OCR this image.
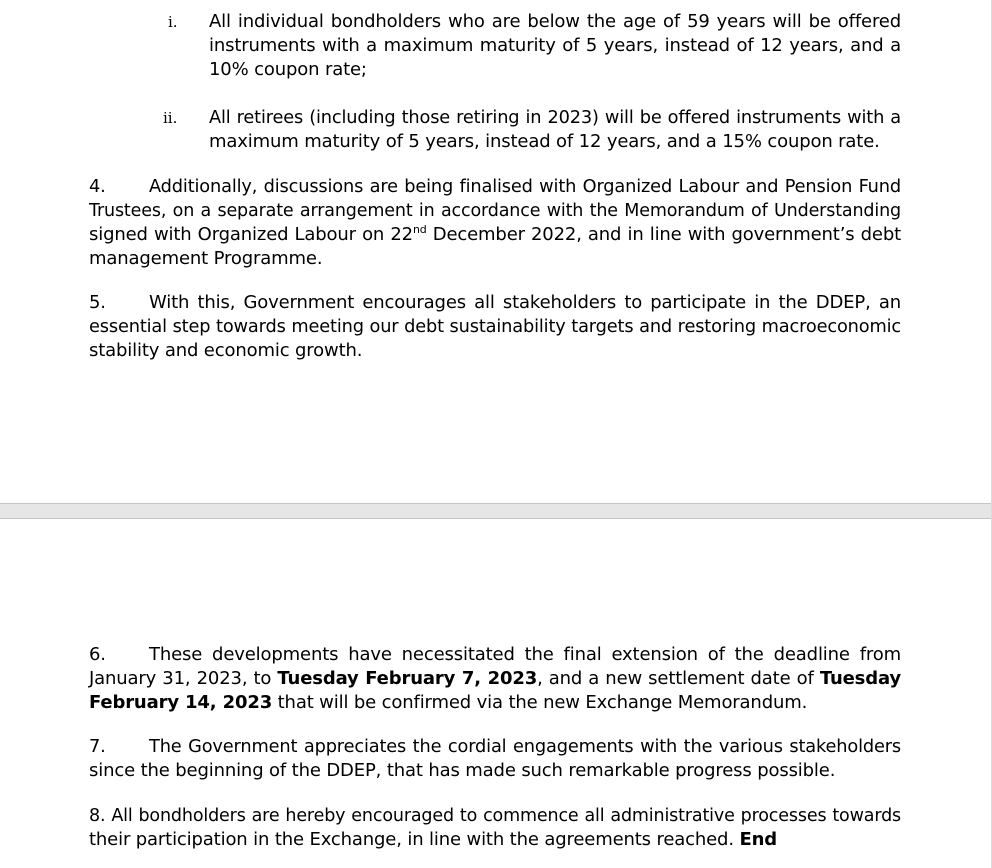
i. All individual bondholders who are below the age of 59 years will be offered
instruments with a maximum maturity of 5 years, instead of 12 years, and a
10% coupon rate;
ii. All retirees (including those retiring in 2023) will be offered instruments with a
maximum maturity of 5 years, instead of 12 years, and a 15% coupon rate.
4. Additionally, discussions are being finalised with Organized Labour and Pension Fund
Trustees, on a separate arrangement in accordance with the Memorandum of Understanding
signed with Organized Labour on 22nd December 2022, and in line with government’s debt
management Programme.
5. With this, Government encourages all stakeholders to participate in the DDEP, an
essential step towards meeting our debt sustainability targets and restoring macroeconomic
stability and economic growth.
6. These developments have necessitated the final extension of the deadline from
January 31, 2023, to Tuesday February 7, 2023, and a new settlement date of Tuesday
February 14, 2023 that will be confirmed via the new Exchange Memorandum.
7. The Government appreciates the cordial engagements with the various stakeholders
since the beginning of the DDEP, that has made such remarkable progress possible.
8. All bondholders are hereby encouraged to commence all administrative processes towards
their participation in the Exchange, in line with the agreements reached. End
